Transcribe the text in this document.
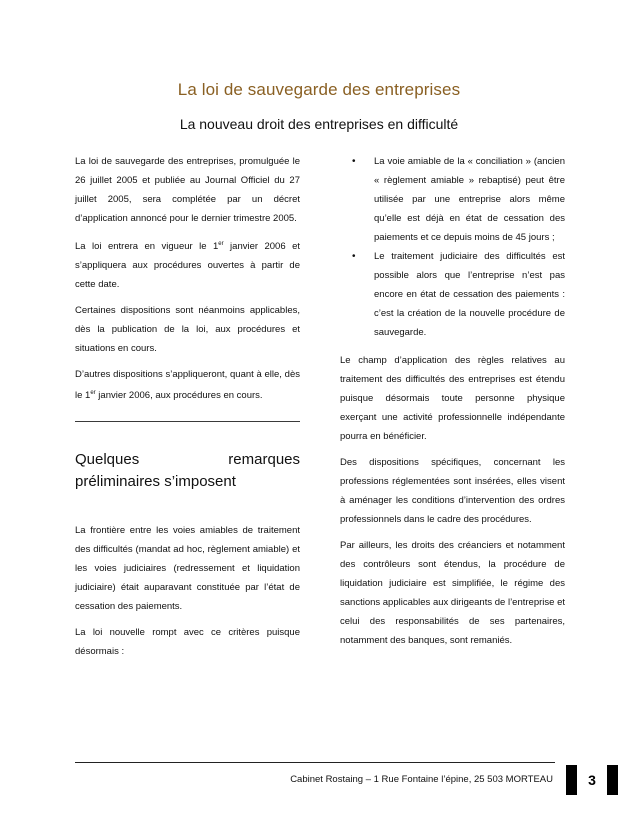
La loi de sauvegarde des entreprises
La nouveau droit des entreprises en difficulté

La loi de sauvegarde des entreprises, promulguée le 26 juillet 2005 et publiée au Journal Officiel du 27 juillet 2005, sera complétée par un décret d’application annoncé pour le dernier trimestre 2005.

La loi entrera en vigueur le 1er janvier 2006 et s’appliquera aux procédures ouvertes à partir de cette date.

Certaines dispositions sont néanmoins applicables, dès la publication de la loi, aux procédures et situations en cours.

D’autres dispositions s’appliqueront, quant à elle, dès le 1er janvier 2006, aux procédures en cours.

Quelques remarques préliminaires s’imposent

La frontière entre les voies amiables de traitement des difficultés (mandat ad hoc, règlement amiable) et les voies judiciaires (redressement et liquidation judiciaire) était auparavant constituée par l’état de cessation des paiements.

La loi nouvelle rompt avec ce critères puisque désormais :

• La voie amiable de la « conciliation » (ancien « règlement amiable » rebaptisé) peut être utilisée par une entreprise alors même qu’elle est déjà en état de cessation des paiements et ce depuis moins de 45 jours ;
• Le traitement judiciaire des difficultés est possible alors que l’entreprise n’est pas encore en état de cessation des paiements : c’est la création de la nouvelle procédure de sauvegarde.

Le champ d’application des règles relatives au traitement des difficultés des entreprises est étendu puisque désormais toute personne physique exerçant une activité professionnelle indépendante pourra en bénéficier.

Des dispositions spécifiques, concernant les professions réglementées sont insérées, elles visent à aménager les conditions d’intervention des ordres professionnels dans le cadre des procédures.

Par ailleurs, les droits des créanciers et notamment des contrôleurs sont étendus, la procédure de liquidation judiciaire est simplifiée, le régime des sanctions applicables aux dirigeants de l’entreprise et celui des responsabilités de ses partenaires, notamment des banques, sont remaniés.

Cabinet Rostaing – 1 Rue Fontaine l’épine, 25 503 MORTEAU	3
